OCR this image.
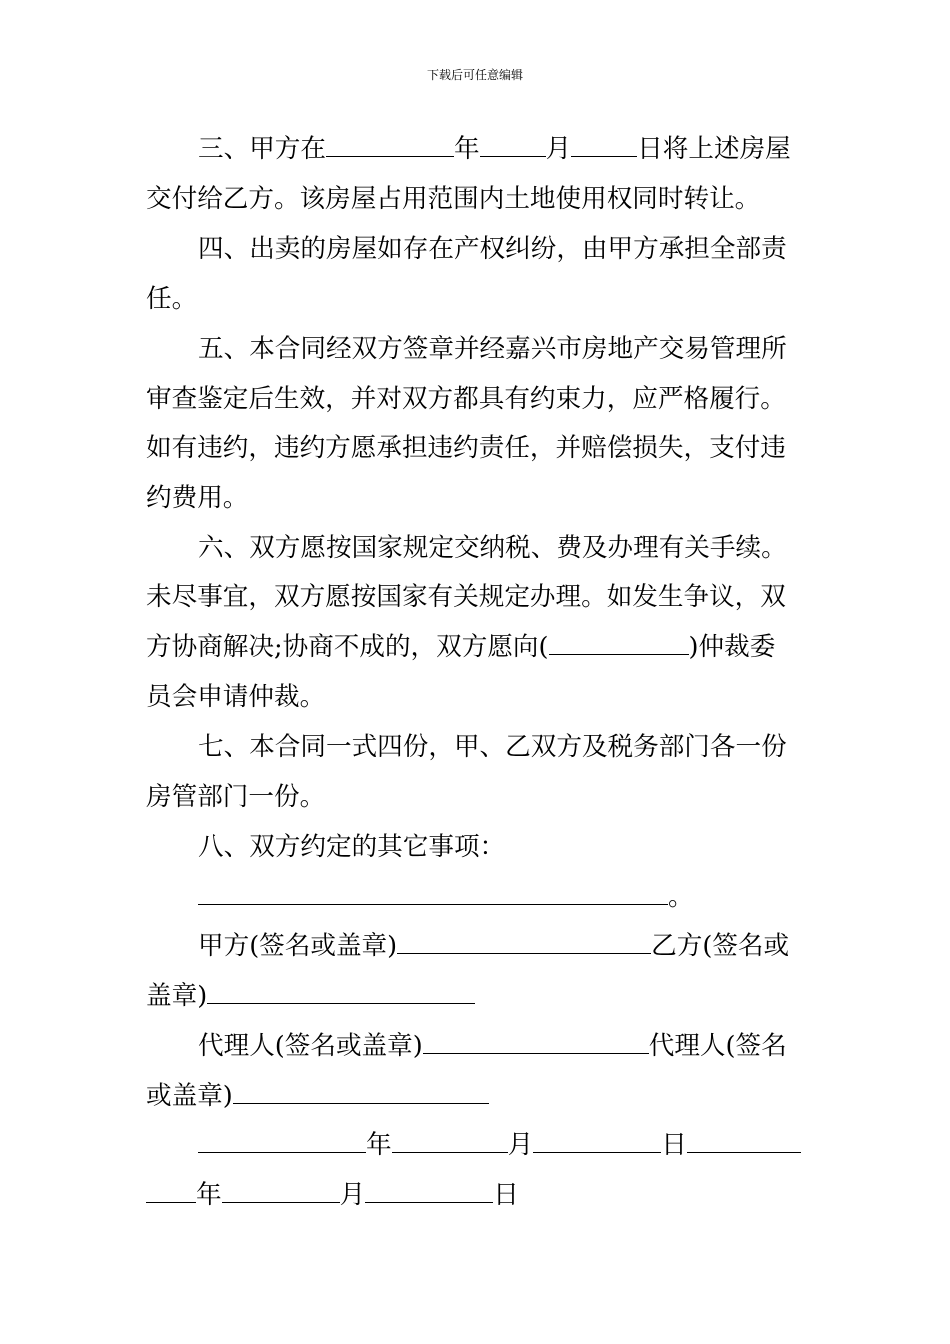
下载后可任意编辑
三、甲方在	年	月	日将上述房屋
交付给乙方。该房屋占用范围内土地使用权同时转让。
四、出卖的房屋如存在产权纠纷，由甲方承担全部责
任。
五、本合同经双方签章并经嘉兴市房地产交易管理所
审查鉴定后生效，并对双方都具有约束力，应严格履行。
如有违约，违约方愿承担违约责任，并赔偿损失，支付违
约费用。
六、双方愿按国家规定交纳税、费及办理有关手续。
未尽事宜，双方愿按国家有关规定办理。如发生争议，双
方协商解决;协商不成的，双方愿向(	)仲裁委
员会申请仲裁。
七、本合同一式四份，甲、乙双方及税务部门各一份
房管部门一份。
八、双方约定的其它事项：
。
甲方(签名或盖章)	乙方(签名或
盖章)
代理人(签名或盖章)	代理人(签名
或盖章)
年	月	日
年	月	日
